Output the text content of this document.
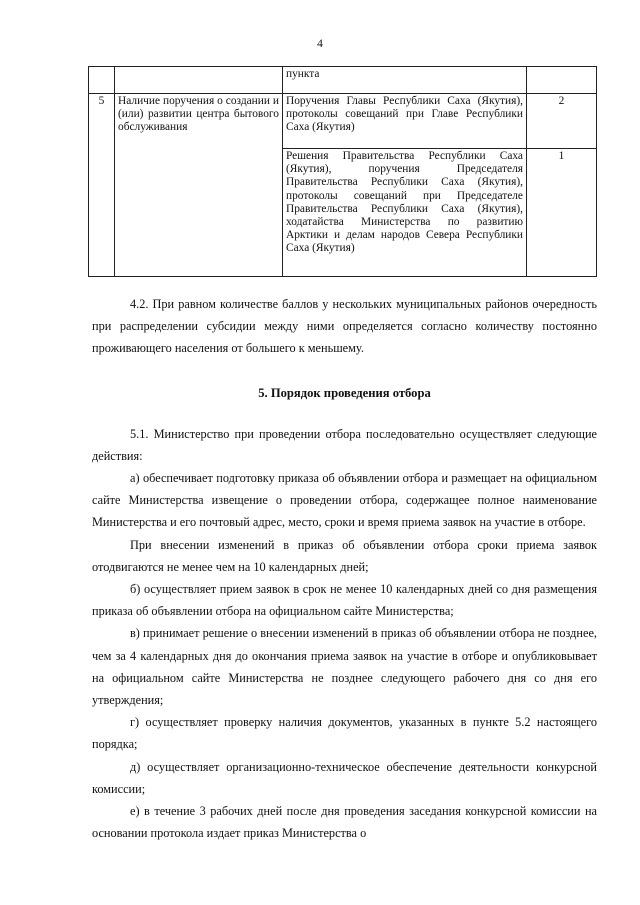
4
		пункта	
5	Наличие поручения о создании и (или) развитии центра бытового обслуживания	Поручения Главы Республики Саха (Якутия), протоколы совещаний при Главе Республики Саха (Якутия)	2
		Решения Правительства Республики Саха (Якутия), поручения Председателя Правительства Республики Саха (Якутия), протоколы совещаний при Председателе Правительства Республики Саха (Якутия), ходатайства Министерства по развитию Арктики и делам народов Севера Республики Саха (Якутия)	1

4.2. При равном количестве баллов у нескольких муниципальных районов очередность при распределении субсидии между ними определяется согласно количеству постоянно проживающего населения от большего к меньшему.

5. Порядок проведения отбора

5.1. Министерство при проведении отбора последовательно осуществляет следующие действия:

а) обеспечивает подготовку приказа об объявлении отбора и размещает на официальном сайте Министерства извещение о проведении отбора, содержащее полное наименование Министерства и его почтовый адрес, место, сроки и время приема заявок на участие в отборе.

При внесении изменений в приказ об объявлении отбора сроки приема заявок отодвигаются не менее чем на 10 календарных дней;

б) осуществляет прием заявок в срок не менее 10 календарных дней со дня размещения приказа об объявлении отбора на официальном сайте Министерства;

в) принимает решение о внесении изменений в приказ об объявлении отбора не позднее, чем за 4 календарных дня до окончания приема заявок на участие в отборе и опубликовывает на официальном сайте Министерства не позднее следующего рабочего дня со дня его утверждения;

г) осуществляет проверку наличия документов, указанных в пункте 5.2 настоящего порядка;

д) осуществляет организационно-техническое обеспечение деятельности конкурсной комиссии;

е) в течение 3 рабочих дней после дня проведения заседания конкурсной комиссии на основании протокола издает приказ Министерства о
